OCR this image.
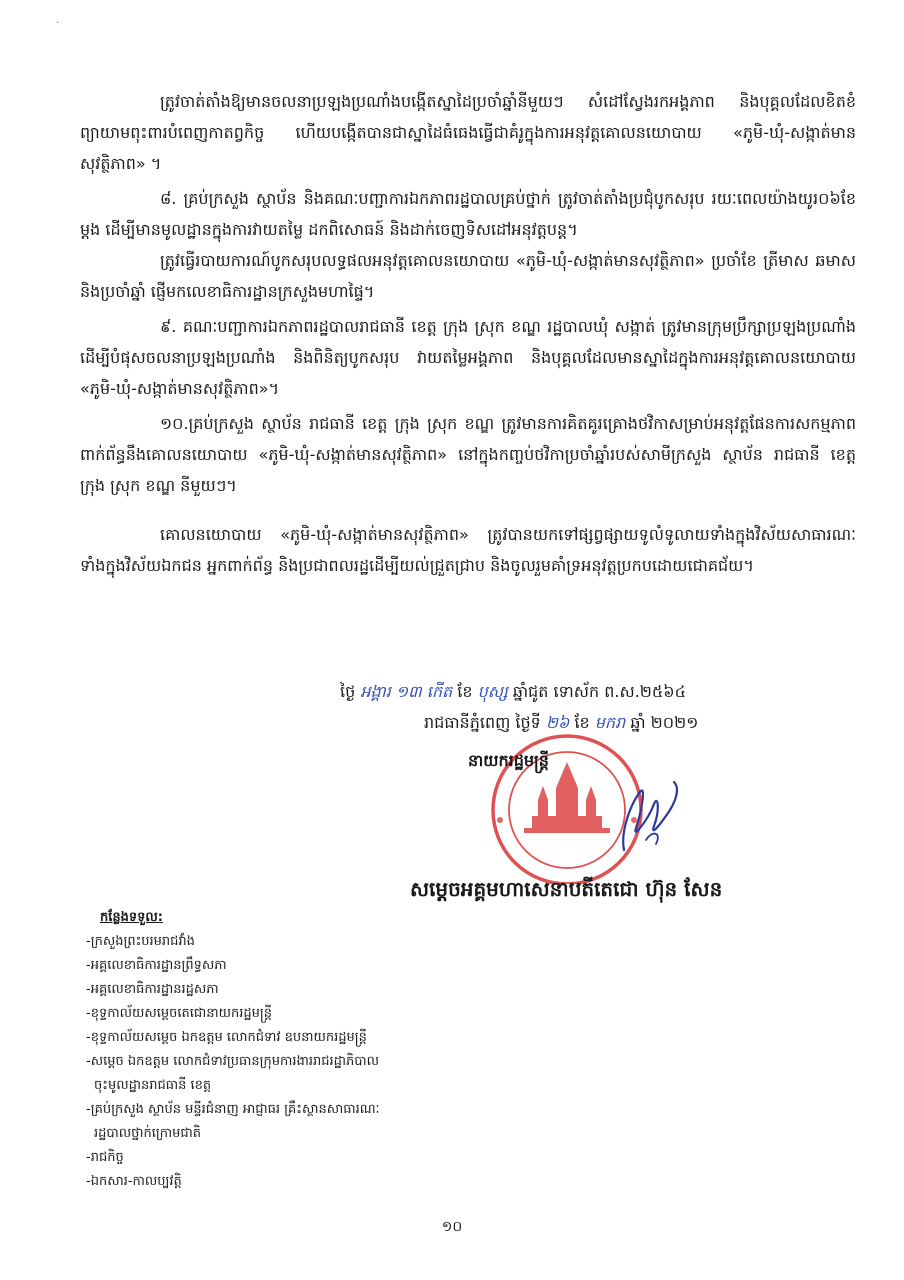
·

ត្រូវចាត់តាំងឱ្យមានចលនាប្រឡងប្រណាំងបង្កើតស្នាដៃប្រចាំឆ្នាំនីមួយៗ សំដៅស្វែងរកអង្គភាព និងបុគ្គលដែលខិតខំព្យាយាមពុះពារបំពេញកាតព្វកិច្ច ហើយបង្កើតបានជាស្នាដៃធំធេងធ្វើជាគំរូក្នុងការអនុវត្តគោលនយោបាយ «ភូមិ-ឃុំ-សង្កាត់មានសុវត្ថិភាព» ។

៨. គ្រប់ក្រសួង ស្ថាប័ន និងគណៈបញ្ជាការឯកភាពរដ្ឋបាលគ្រប់ថ្នាក់ ត្រូវចាត់តាំងប្រជុំបូកសរុប រយៈពេលយ៉ាងយូរ០៦ខែម្តង ដើម្បីមានមូលដ្ឋានក្នុងការវាយតម្លៃ ដកពិសោធន៍ និងដាក់ចេញទិសដៅអនុវត្តបន្ត។

ត្រូវធ្វើរបាយការណ៍បូកសរុបលទ្ធផលអនុវត្តគោលនយោបាយ «ភូមិ-ឃុំ-សង្កាត់មានសុវត្ថិភាព» ប្រចាំខែ ត្រីមាស ឆមាស និងប្រចាំឆ្នាំ ផ្ញើមកលេខាធិការដ្ឋានក្រសួងមហាផ្ទៃ។

៩. គណៈបញ្ជាការឯកភាពរដ្ឋបាលរាជធានី ខេត្ត ក្រុង ស្រុក ខណ្ឌ រដ្ឋបាលឃុំ សង្កាត់ ត្រូវមានក្រុមប្រឹក្សាប្រឡងប្រណាំង ដើម្បីបំផុសចលនាប្រឡងប្រណាំង និងពិនិត្យបូកសរុប វាយតម្លៃអង្គភាព និងបុគ្គលដែលមានស្នាដៃក្នុងការអនុវត្តគោលនយោបាយ «ភូមិ-ឃុំ-សង្កាត់មានសុវត្ថិភាព»។

១០.គ្រប់ក្រសួង ស្ថាប័ន រាជធានី ខេត្ត ក្រុង ស្រុក ខណ្ឌ ត្រូវមានការគិតគូរគ្រោងថវិកាសម្រាប់អនុវត្តផែនការសកម្មភាពពាក់ព័ន្ធនឹងគោលនយោបាយ «ភូមិ-ឃុំ-សង្កាត់មានសុវត្ថិភាព» នៅក្នុងកញ្ចប់ថវិកាប្រចាំឆ្នាំរបស់សាមីក្រសួង ស្ថាប័ន រាជធានី ខេត្ត ក្រុង ស្រុក ខណ្ឌ នីមួយៗ។

គោលនយោបាយ «ភូមិ-ឃុំ-សង្កាត់មានសុវត្ថិភាព» ត្រូវបានយកទៅផ្សព្វផ្សាយទូលំទូលាយទាំងក្នុងវិស័យសាធារណៈ ទាំងក្នុងវិស័យឯកជន អ្នកពាក់ព័ន្ធ និងប្រជាពលរដ្ឋដើម្បីយល់ជ្រួតជ្រាប និងចូលរួមគាំទ្រអនុវត្តប្រកបដោយជោគជ័យ។

ថ្ងៃ អង្គារ ១៣ កើត ខែ បុស្ស ឆ្នាំជូត ទោស័ក ព.ស.២៥៦៤
រាជធានីភ្នំពេញ ថ្ងៃទី ២៦ ខែ មករា ឆ្នាំ ២០២១
នាយករដ្ឋមន្ត្រី
សម្តេចអគ្គមហាសេនាបតីតេជោ ហ៊ុន សែន
កន្លែងទទួល:
-ក្រសួងព្រះបរមរាជវាំង
-អគ្គលេខាធិការដ្ឋានព្រឹទ្ធសភា
-អគ្គលេខាធិការដ្ឋានរដ្ឋសភា
-ខុទ្ទកាល័យសម្តេចតេជោនាយករដ្ឋមន្ត្រី
-ខុទ្ទកាល័យសម្តេច ឯកឧត្តម លោកជំទាវ ឧបនាយករដ្ឋមន្ត្រី
-សម្តេច ឯកឧត្តម លោកជំទាវប្រធានក្រុមការងាររាជរដ្ឋាភិបាល
ចុះមូលដ្ឋានរាជធានី ខេត្ត
-គ្រប់ក្រសួង ស្ថាប័ន មន្ទីរជំនាញ អាជ្ញាធរ គ្រឹះស្ថានសាធារណៈ
រដ្ឋបាលថ្នាក់ក្រោមជាតិ
-រាជកិច្ច
-ឯកសារ-កាលប្បវត្តិ
១០
